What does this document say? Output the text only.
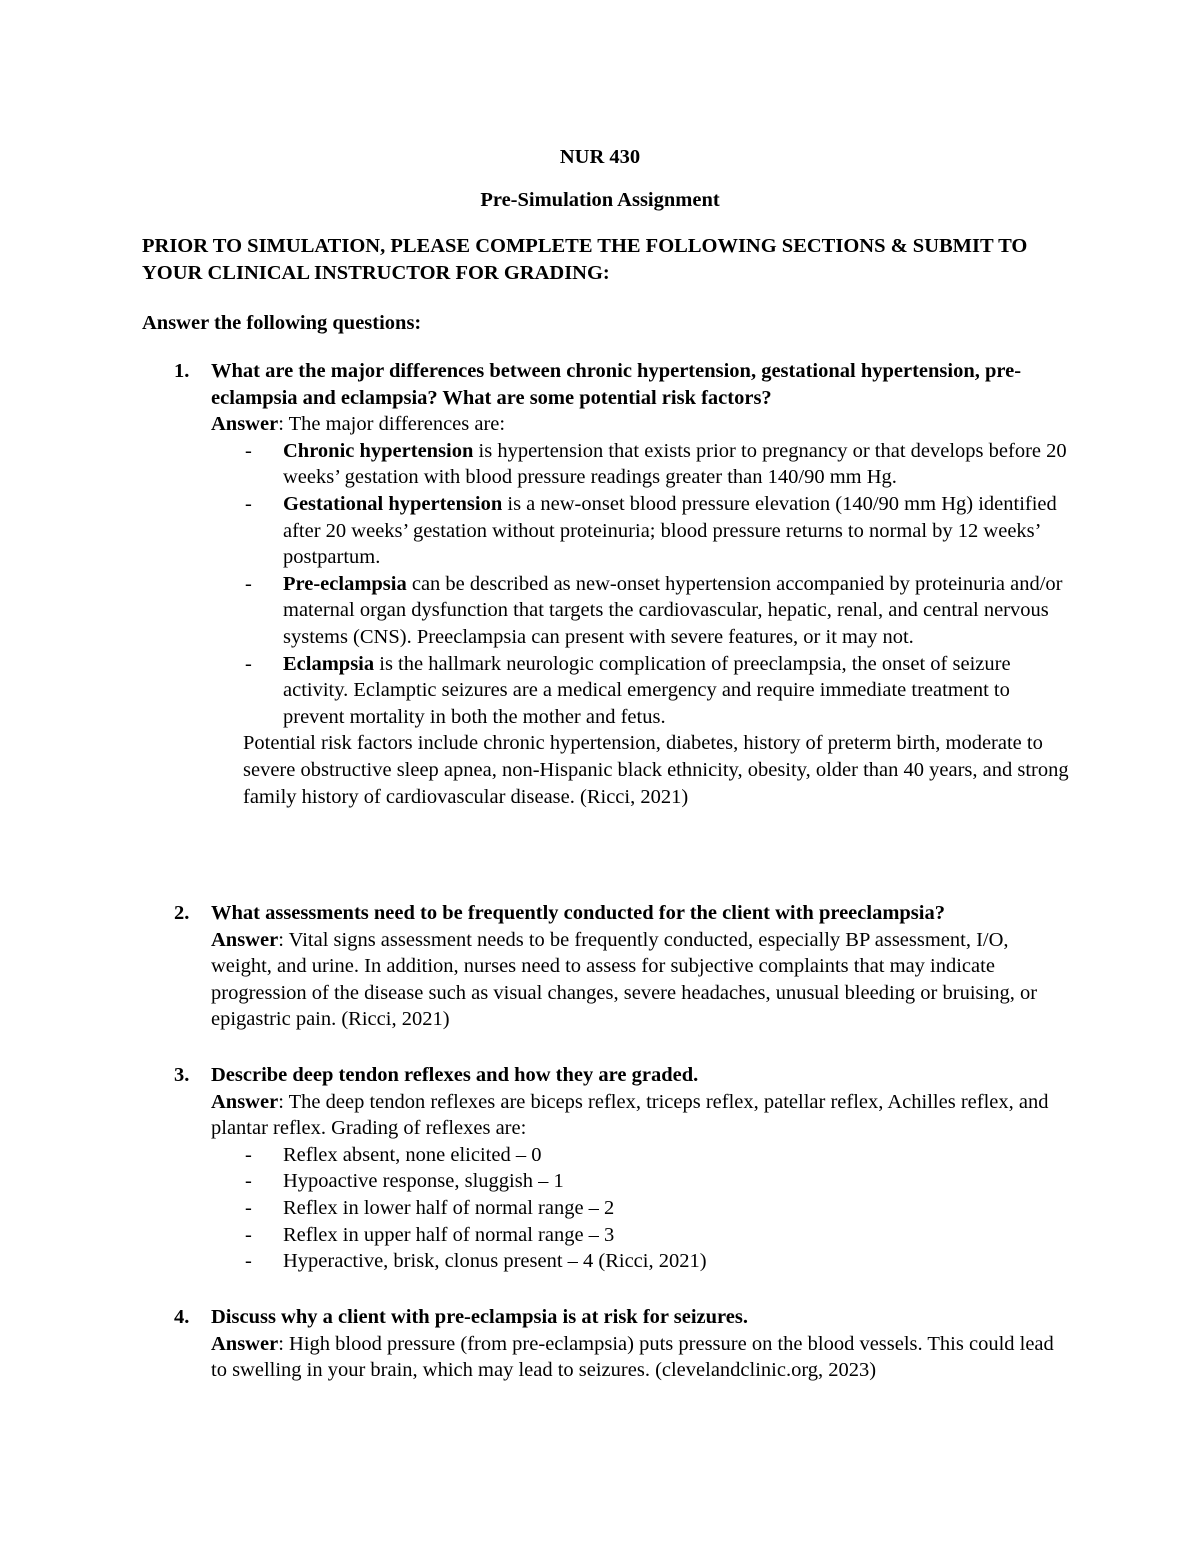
NUR 430
Pre-Simulation Assignment
PRIOR TO SIMULATION, PLEASE COMPLETE THE FOLLOWING SECTIONS & SUBMIT TO YOUR CLINICAL INSTRUCTOR FOR GRADING:
Answer the following questions:
1. What are the major differences between chronic hypertension, gestational hypertension, pre-eclampsia and eclampsia? What are some potential risk factors?
Answer: The major differences are:
- Chronic hypertension is hypertension that exists prior to pregnancy or that develops before 20 weeks’ gestation with blood pressure readings greater than 140/90 mm Hg.
- Gestational hypertension is a new-onset blood pressure elevation (140/90 mm Hg) identified after 20 weeks’ gestation without proteinuria; blood pressure returns to normal by 12 weeks’ postpartum.
- Pre-eclampsia can be described as new-onset hypertension accompanied by proteinuria and/or maternal organ dysfunction that targets the cardiovascular, hepatic, renal, and central nervous systems (CNS). Preeclampsia can present with severe features, or it may not.
- Eclampsia is the hallmark neurologic complication of preeclampsia, the onset of seizure activity. Eclamptic seizures are a medical emergency and require immediate treatment to prevent mortality in both the mother and fetus.
Potential risk factors include chronic hypertension, diabetes, history of preterm birth, moderate to severe obstructive sleep apnea, non-Hispanic black ethnicity, obesity, older than 40 years, and strong family history of cardiovascular disease. (Ricci, 2021)
2. What assessments need to be frequently conducted for the client with preeclampsia?
Answer: Vital signs assessment needs to be frequently conducted, especially BP assessment, I/O, weight, and urine. In addition, nurses need to assess for subjective complaints that may indicate progression of the disease such as visual changes, severe headaches, unusual bleeding or bruising, or epigastric pain. (Ricci, 2021)
3. Describe deep tendon reflexes and how they are graded.
Answer: The deep tendon reflexes are biceps reflex, triceps reflex, patellar reflex, Achilles reflex, and plantar reflex. Grading of reflexes are:
- Reflex absent, none elicited – 0
- Hypoactive response, sluggish – 1
- Reflex in lower half of normal range – 2
- Reflex in upper half of normal range – 3
- Hyperactive, brisk, clonus present – 4 (Ricci, 2021)
4. Discuss why a client with pre-eclampsia is at risk for seizures.
Answer: High blood pressure (from pre-eclampsia) puts pressure on the blood vessels. This could lead to swelling in your brain, which may lead to seizures. (clevelandclinic.org, 2023)
